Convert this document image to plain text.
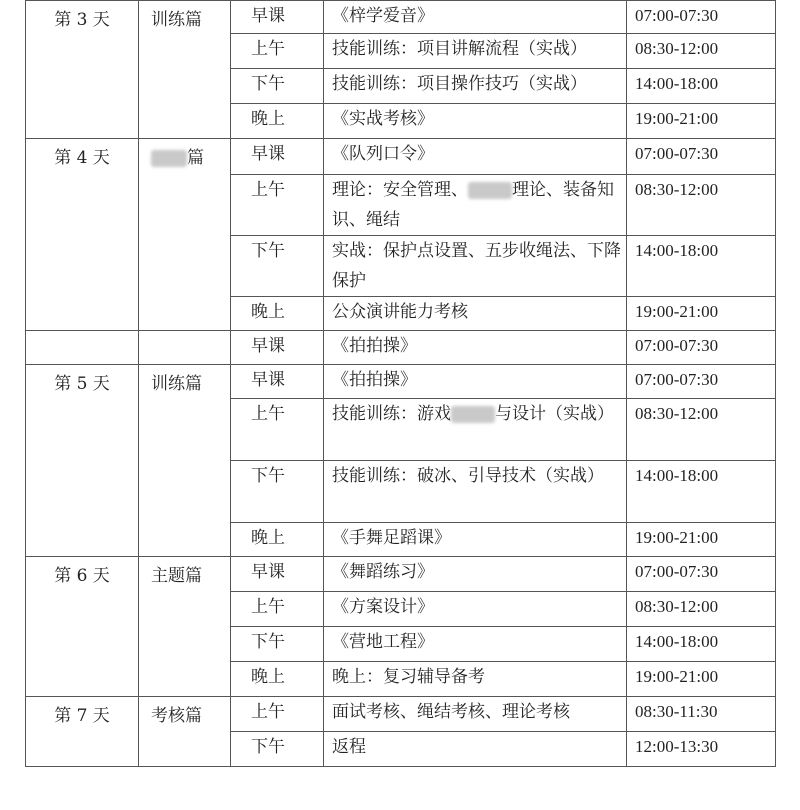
第 3 天	训练篇	早课	《梓学爱音》	07:00-07:30
		上午	技能训练：项目讲解流程（实战）	08:30-12:00
		下午	技能训练：项目操作技巧（实战）	14:00-18:00
		晚上	《实战考核》	19:00-21:00
第 4 天	篇	早课	《队列口令》	07:00-07:30
		上午	理论：安全管理、 理论、装备知识、绳结	08:30-12:00
		下午	实战：保护点设置、五步收绳法、下降保护	14:00-18:00
		晚上	公众演讲能力考核	19:00-21:00
		早课	《拍拍操》	07:00-07:30
第 5 天	训练篇	早课	《拍拍操》	07:00-07:30
		上午	技能训练：游戏 与设计（实战）	08:30-12:00
		下午	技能训练：破冰、引导技术（实战）	14:00-18:00
		晚上	《手舞足蹈课》	19:00-21:00
第 6 天	主题篇	早课	《舞蹈练习》	07:00-07:30
		上午	《方案设计》	08:30-12:00
		下午	《营地工程》	14:00-18:00
		晚上	晚上：复习辅导备考	19:00-21:00
第 7 天	考核篇	上午	面试考核、绳结考核、理论考核	08:30-11:30
		下午	返程	12:00-13:30
